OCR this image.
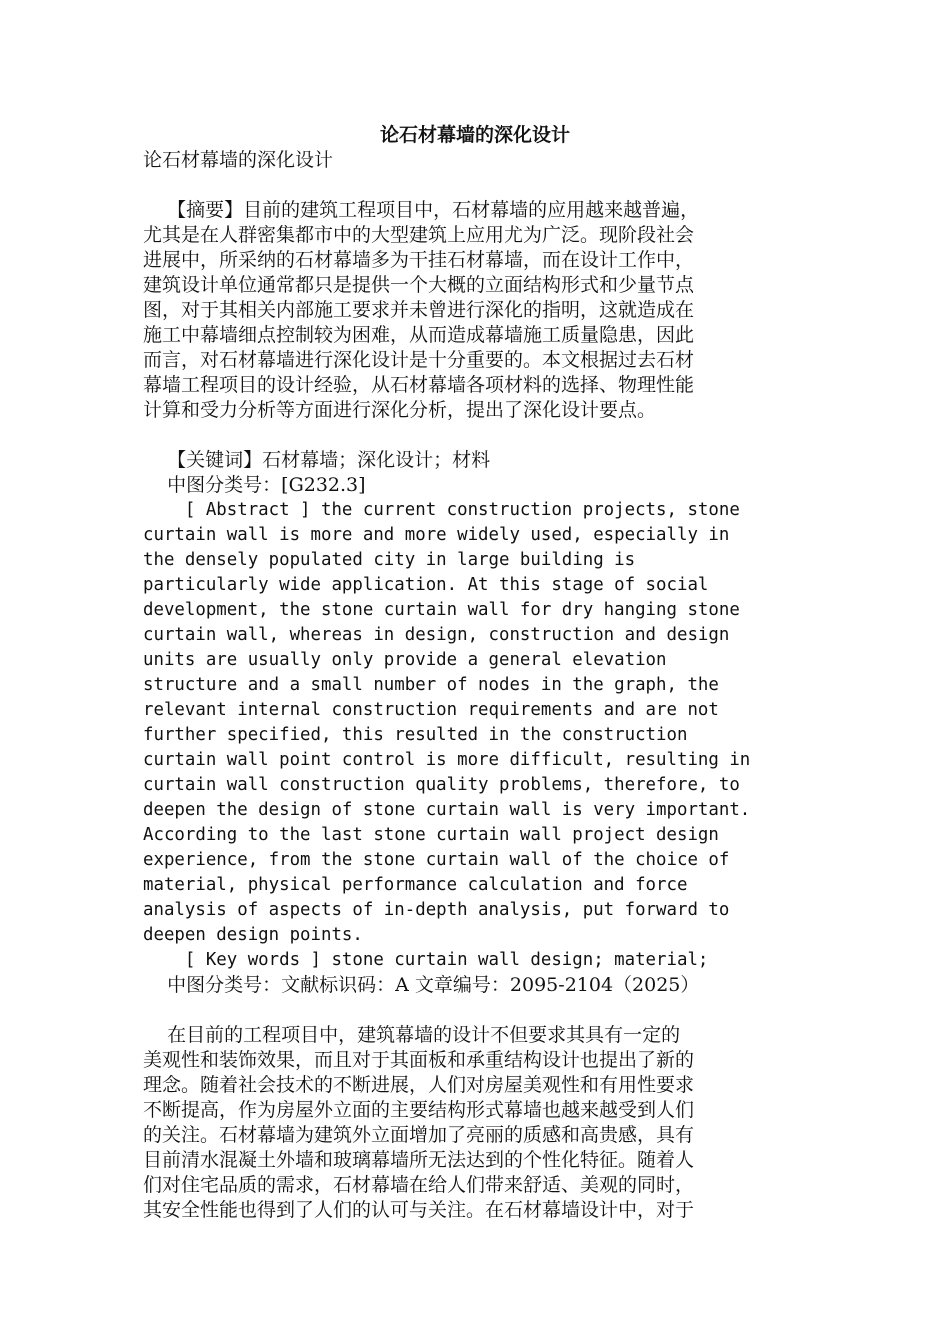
论石材幕墙的深化设计
论石材幕墙的深化设计
【摘要】目前的建筑工程项目中，石材幕墙的应用越来越普遍，
尤其是在人群密集都市中的大型建筑上应用尤为广泛。现阶段社会
进展中，所采纳的石材幕墙多为干挂石材幕墙，而在设计工作中，
建筑设计单位通常都只是提供一个大概的立面结构形式和少量节点
图，对于其相关内部施工要求并未曾进行深化的指明，这就造成在
施工中幕墙细点控制较为困难，从而造成幕墙施工质量隐患，因此
而言，对石材幕墙进行深化设计是十分重要的。本文根据过去石材
幕墙工程项目的设计经验，从石材幕墙各项材料的选择、物理性能
计算和受力分析等方面进行深化分析，提出了深化设计要点。
【关键词】石材幕墙；深化设计；材料
中图分类号：[G232.3]
[ Abstract ] the current construction projects, stone
curtain wall is more and more widely used, especially in
the densely populated city in large building is
particularly wide application. At this stage of social
development, the stone curtain wall for dry hanging stone
curtain wall, whereas in design, construction and design
units are usually only provide a general elevation
structure and a small number of nodes in the graph, the
relevant internal construction requirements and are not
further specified, this resulted in the construction
curtain wall point control is more difficult, resulting in
curtain wall construction quality problems, therefore, to
deepen the design of stone curtain wall is very important.
According to the last stone curtain wall project design
experience, from the stone curtain wall of the choice of
material, physical performance calculation and force
analysis of aspects of in-depth analysis, put forward to
deepen design points.
[ Key words ] stone curtain wall design; material;
中图分类号：文献标识码：A 文章编号：2095-2104（2025）
在目前的工程项目中，建筑幕墙的设计不但要求其具有一定的
美观性和装饰效果，而且对于其面板和承重结构设计也提出了新的
理念。随着社会技术的不断进展，人们对房屋美观性和有用性要求
不断提高，作为房屋外立面的主要结构形式幕墙也越来越受到人们
的关注。石材幕墙为建筑外立面增加了亮丽的质感和高贵感，具有
目前清水混凝土外墙和玻璃幕墙所无法达到的个性化特征。随着人
们对住宅品质的需求，石材幕墙在给人们带来舒适、美观的同时，
其安全性能也得到了人们的认可与关注。在石材幕墙设计中，对于
